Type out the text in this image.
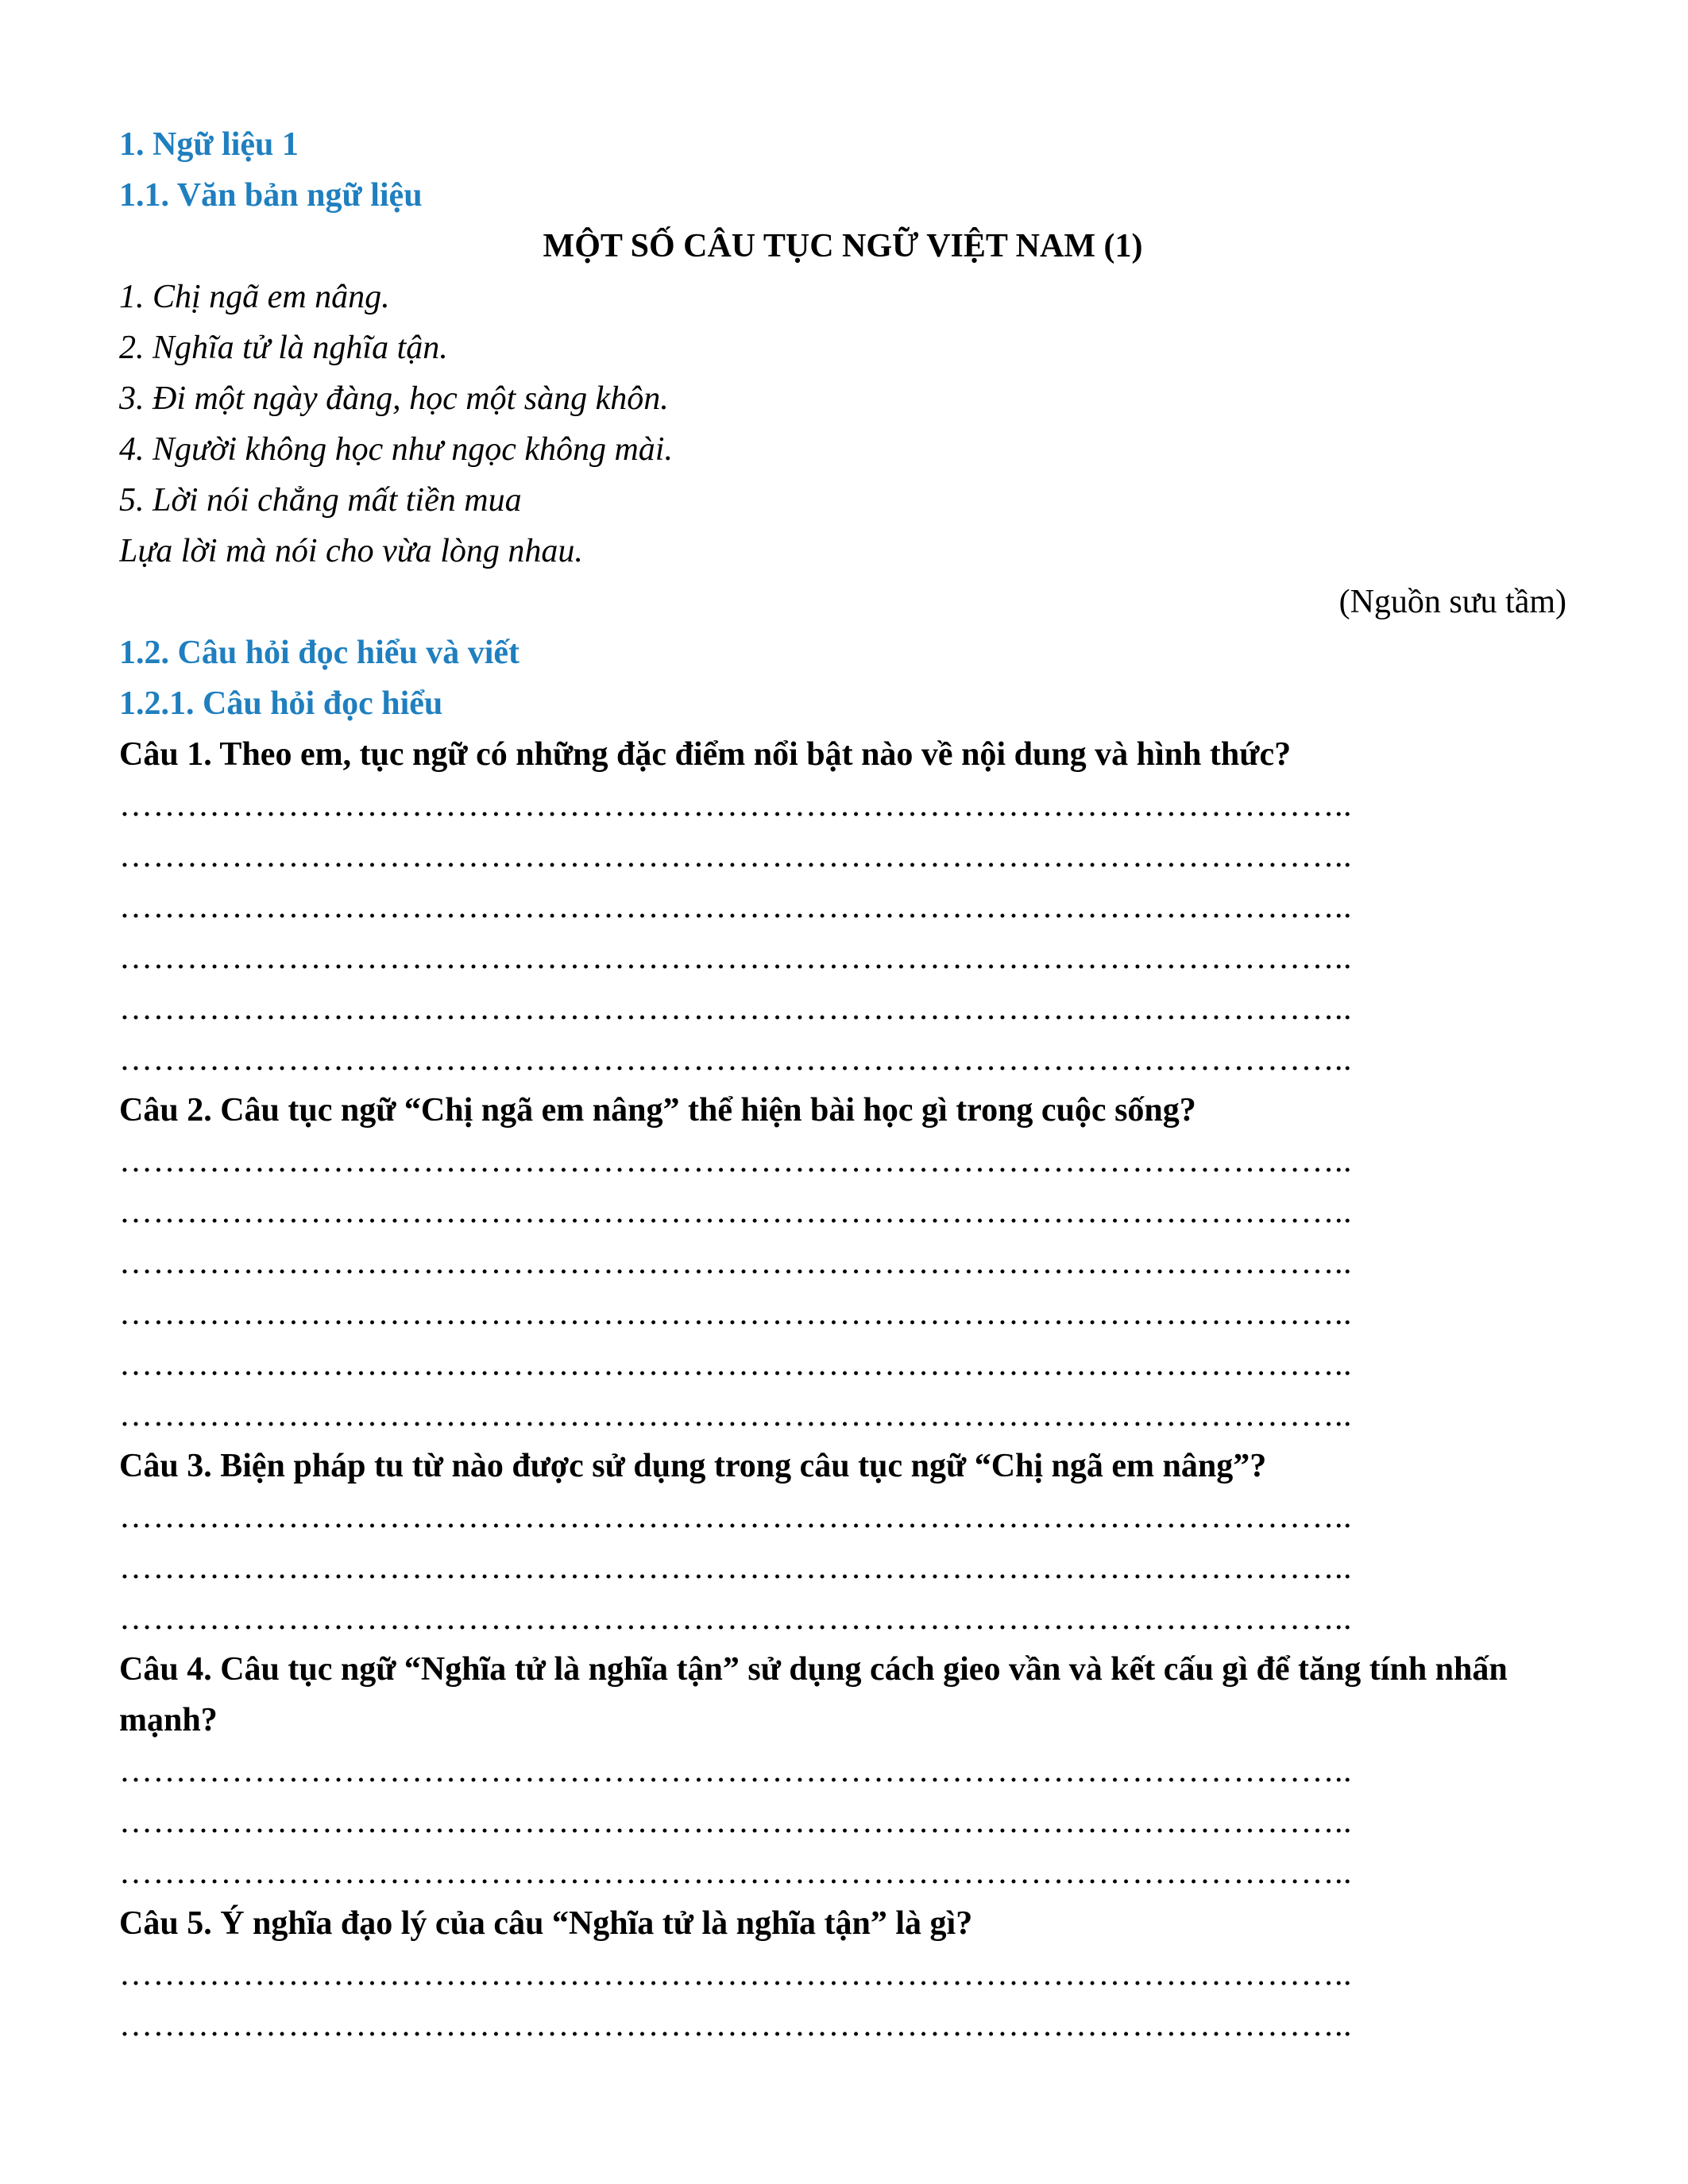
1. Ngữ liệu 1
1.1. Văn bản ngữ liệu
MỘT SỐ CÂU TỤC NGỮ VIỆT NAM (1)
1. Chị ngã em nâng.
2. Nghĩa tử là nghĩa tận.
3. Đi một ngày đàng, học một sàng khôn.
4. Người không học như ngọc không mài.
5. Lời nói chẳng mất tiền mua
Lựa lời mà nói cho vừa lòng nhau.
(Nguồn sưu tầm)
1.2. Câu hỏi đọc hiểu và viết
1.2.1. Câu hỏi đọc hiểu
Câu 1. Theo em, tục ngữ có những đặc điểm nổi bật nào về nội dung và hình thức?
………………………………………………………………………………………………..
………………………………………………………………………………………………..
………………………………………………………………………………………………..
………………………………………………………………………………………………..
………………………………………………………………………………………………..
………………………………………………………………………………………………..
Câu 2. Câu tục ngữ “Chị ngã em nâng” thể hiện bài học gì trong cuộc sống?
………………………………………………………………………………………………..
………………………………………………………………………………………………..
………………………………………………………………………………………………..
………………………………………………………………………………………………..
………………………………………………………………………………………………..
………………………………………………………………………………………………..
Câu 3. Biện pháp tu từ nào được sử dụng trong câu tục ngữ “Chị ngã em nâng”?
………………………………………………………………………………………………..
………………………………………………………………………………………………..
………………………………………………………………………………………………..
Câu 4. Câu tục ngữ “Nghĩa tử là nghĩa tận” sử dụng cách gieo vần và kết cấu gì để tăng tính nhấn mạnh?
………………………………………………………………………………………………..
………………………………………………………………………………………………..
………………………………………………………………………………………………..
Câu 5. Ý nghĩa đạo lý của câu “Nghĩa tử là nghĩa tận” là gì?
………………………………………………………………………………………………..
………………………………………………………………………………………………..
